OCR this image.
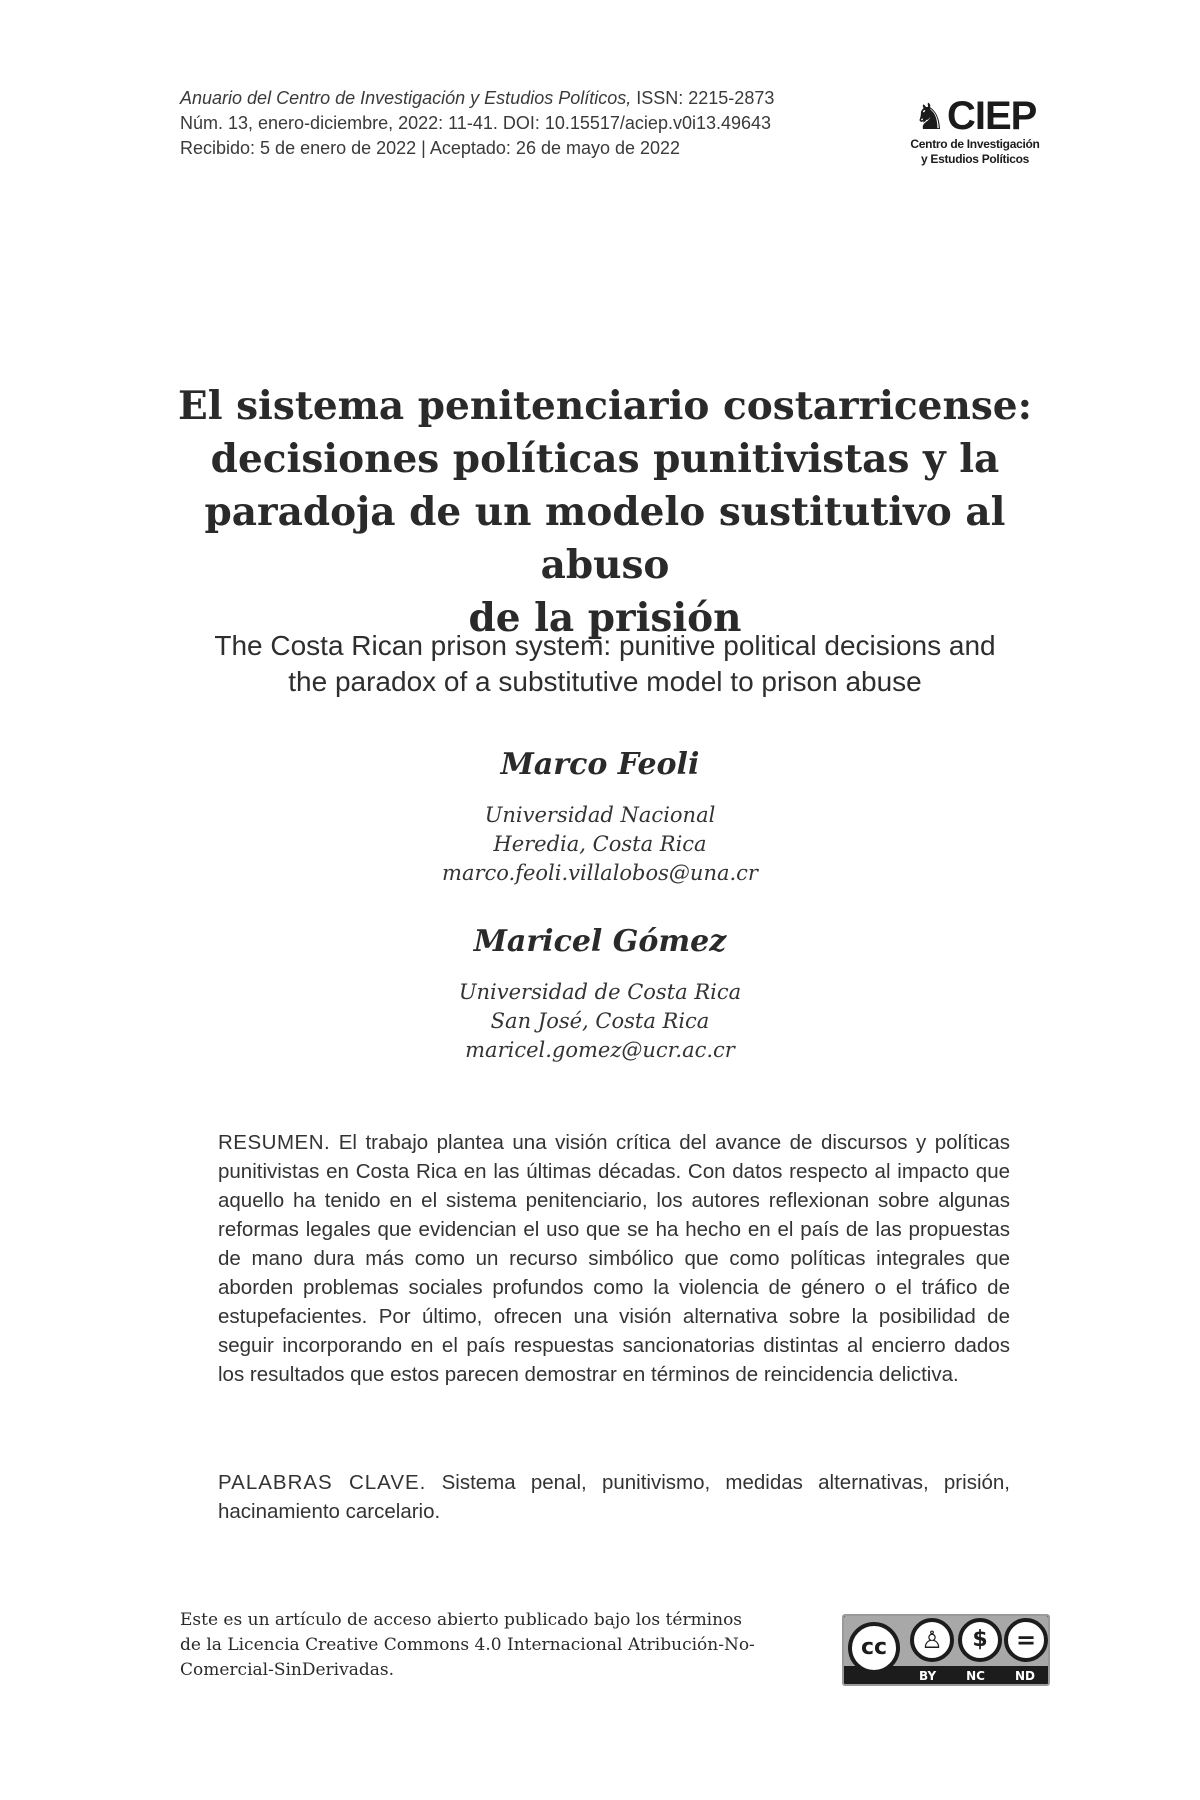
Anuario del Centro de Investigación y Estudios Políticos, ISSN: 2215-2873
Núm. 13, enero-diciembre, 2022: 11-41. DOI: 10.15517/aciep.v0i13.49643
Recibido: 5 de enero de 2022 | Aceptado: 26 de mayo de 2022
♞CIEP
Centro de Investigación
y Estudios Políticos
El sistema penitenciario costarricense:
decisiones políticas punitivistas y la
paradoja de un modelo sustitutivo al abuso
de la prisión
The Costa Rican prison system: punitive political decisions and
the paradox of a substitutive model to prison abuse
Marco Feoli
Universidad Nacional
Heredia, Costa Rica
marco.feoli.villalobos@una.cr
Maricel Gómez
Universidad de Costa Rica
San José, Costa Rica
maricel.gomez@ucr.ac.cr
RESUMEN. El trabajo plantea una visión crítica del avance de discursos y políticas punitivistas en Costa Rica en las últimas décadas. Con datos respecto al impacto que aquello ha tenido en el sistema penitenciario, los autores reflexionan sobre algunas reformas legales que evidencian el uso que se ha hecho en el país de las propuestas de mano dura más como un recurso simbólico que como políticas integrales que aborden problemas sociales profundos como la violencia de género o el tráfico de estupefacientes. Por último, ofrecen una visión alternativa sobre la posibilidad de seguir incorporando en el país respuestas sancionatorias distintas al encierro dados los resultados que estos parecen demostrar en términos de reincidencia delictiva.
PALABRAS CLAVE. Sistema penal, punitivismo, medidas alternativas, prisión, hacinamiento carcelario.
Este es un artículo de acceso abierto publicado bajo los términos
de la Licencia Creative Commons 4.0 Internacional Atribución-No-
Comercial-SinDerivadas.
cc	♙	$	=
BY NC ND
